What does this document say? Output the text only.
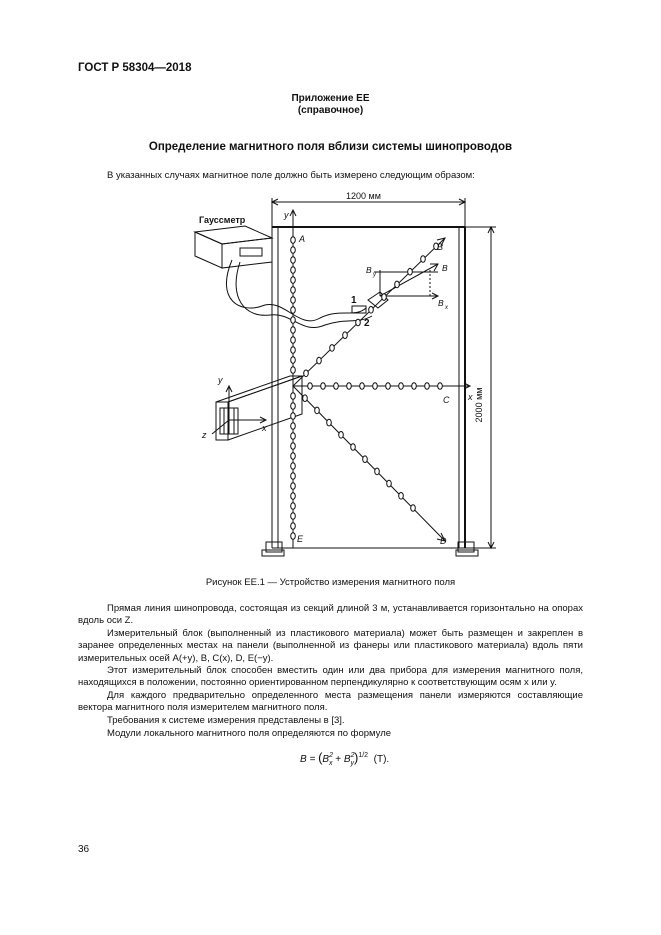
ГОСТ Р 58304—2018
Приложение ЕЕ
(справочное)
Определение магнитного поля вблизи системы шинопроводов
В указанных случаях магнитное поле должно быть измерено следующим образом:
Гауссметр
1200 мм
2000 мм
y
x
A
B
C
D
E
B y
B
B x
1
2
y
x
z
Рисунок ЕЕ.1 — Устройство измерения магнитного поля
Прямая линия шинопровода, состоящая из секций длиной 3 м, устанавливается горизонтально на опорах вдоль оси Z.
Измерительный блок (выполненный из пластикового материала) может быть размещен и закреплен в заранее определенных местах на панели (выполненной из фанеры или пластикового материала) вдоль пяти измерительных осей A(+y), B, C(x), D, E(−y).
Этот измерительный блок способен вместить один или два прибора для измерения магнитного поля, находящихся в положении, постоянно ориентированном перпендикулярно к соответствующим осям x или y.
Для каждого предварительно определенного места размещения панели измеряются составляющие вектора магнитного поля измерителем магнитного поля.
Требования к системе измерения представлены в [3].
Модули локального магнитного поля определяются по формуле
$B = (B^2_x + B^2_y)^{1/2}$ (Т).
36
